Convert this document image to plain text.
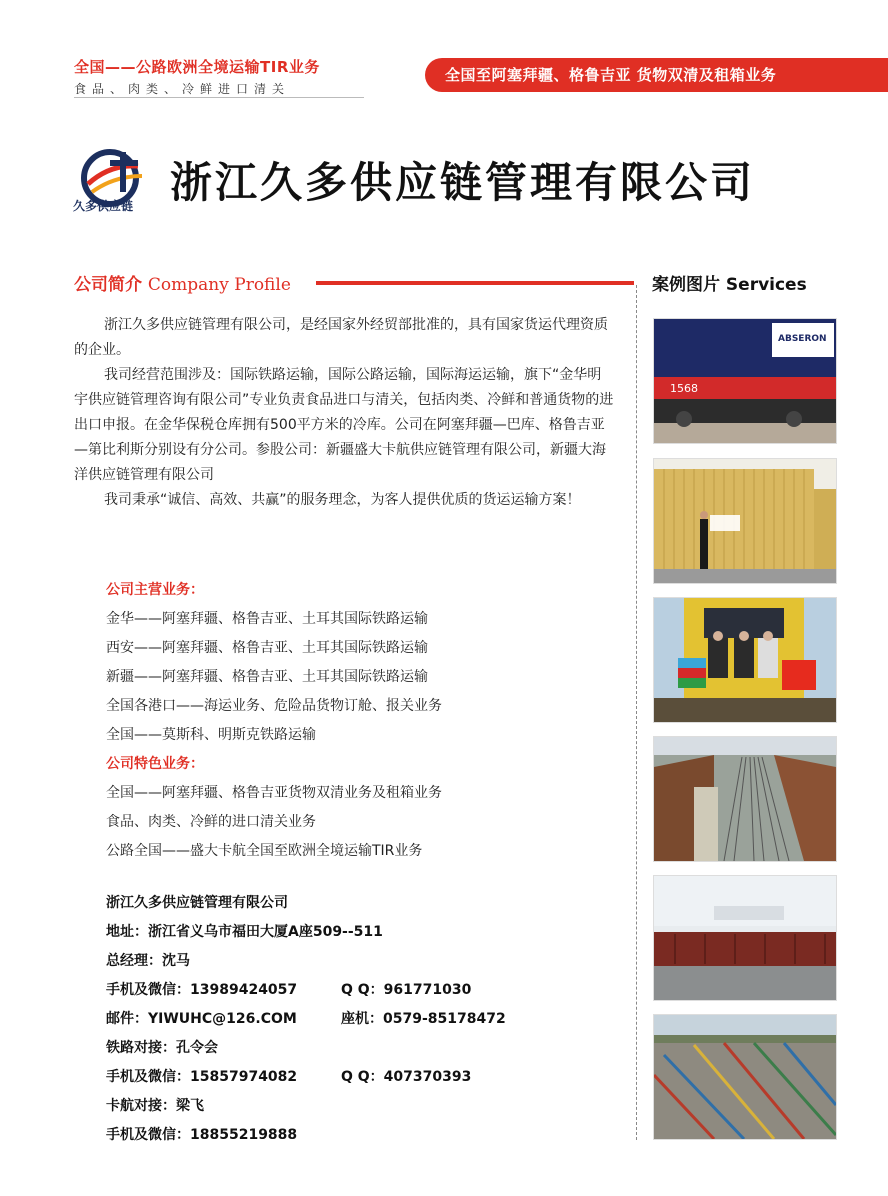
全国——公路欧洲全境运输TIR业务
食品、肉类、冷鲜进口清关
全国至阿塞拜疆、格鲁吉亚 货物双清及租箱业务
久多供应链 浙江久多供应链管理有限公司
公司简介 Company Profile	案例图片 Services

浙江久多供应链管理有限公司，是经国家外经贸部批准的，具有国家货运代理资质的企业。

我司经营范围涉及：国际铁路运输，国际公路运输，国际海运运输，旗下“金华明宇供应链管理咨询有限公司”专业负责食品进口与清关，包括肉类、冷鲜和普通货物的进出口申报。在金华保税仓库拥有500平方米的冷库。公司在阿塞拜疆—巴库、格鲁吉亚—第比利斯分别设有分公司。参股公司：新疆盛大卡航供应链管理有限公司，新疆大海洋供应链管理有限公司

我司秉承“诚信、高效、共赢”的服务理念，为客人提供优质的货运运输方案！

公司主营业务：
金华——阿塞拜疆、格鲁吉亚、土耳其国际铁路运输
西安——阿塞拜疆、格鲁吉亚、土耳其国际铁路运输
新疆——阿塞拜疆、格鲁吉亚、土耳其国际铁路运输
全国各港口——海运业务、危险品货物订舱、报关业务
全国——莫斯科、明斯克铁路运输
公司特色业务：
全国——阿塞拜疆、格鲁吉亚货物双清业务及租箱业务
食品、肉类、冷鲜的进口清关业务
公路全国——盛大卡航全国至欧洲全境运输TIR业务
浙江久多供应链管理有限公司
地址：浙江省义乌市福田大厦A座509--511
总经理：沈马
手机及微信：13989424057	Q Q：961771030
邮件：YIWUHC@126.COM	座机：0579-85178472
铁路对接：孔令会
手机及微信：15857974082	Q Q：407370393
卡航对接：梁飞
手机及微信：18855219888
ABSERON
1568
